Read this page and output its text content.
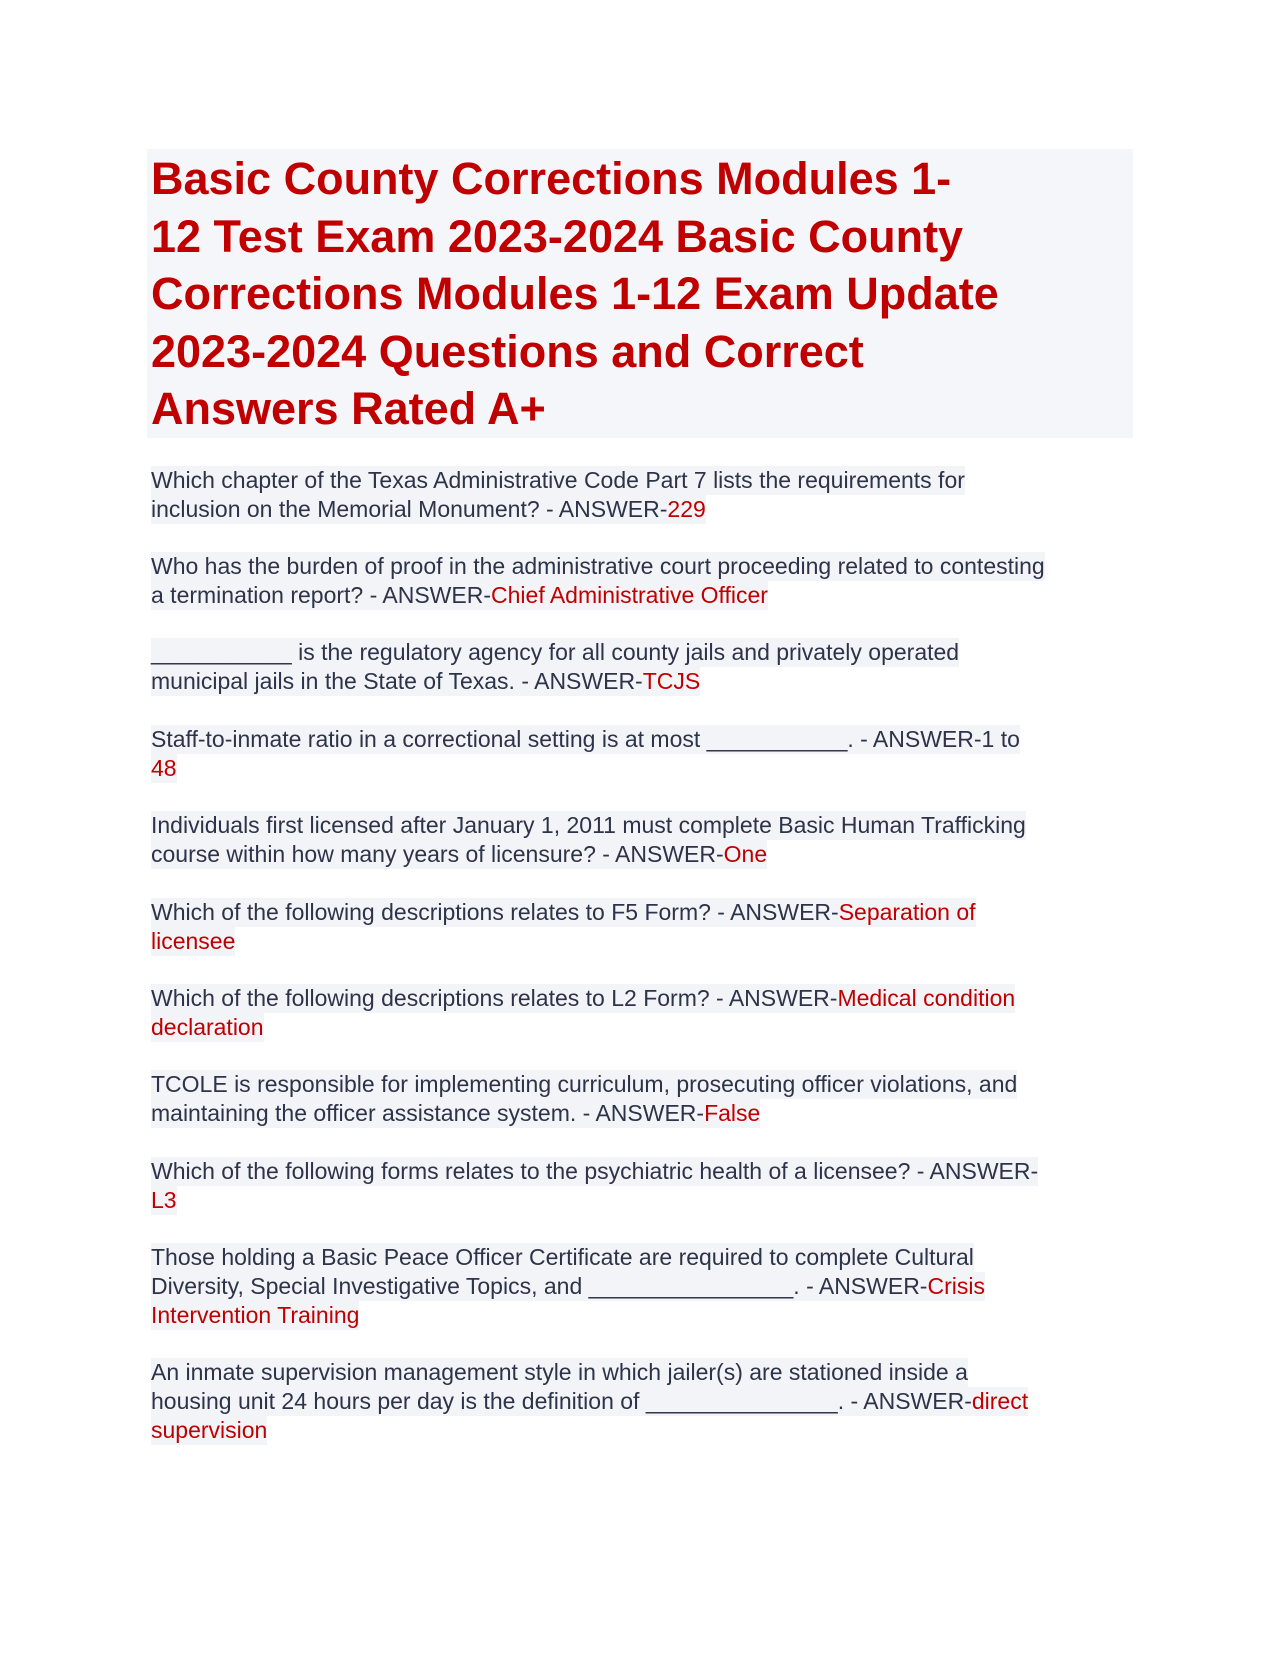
Basic County Corrections Modules 1-
12 Test Exam 2023-2024 Basic County
Corrections Modules 1-12 Exam Update
2023-2024 Questions and Correct
Answers Rated A+
Which chapter of the Texas Administrative Code Part 7 lists the requirements for
inclusion on the Memorial Monument? - ANSWER-229
Who has the burden of proof in the administrative court proceeding related to contesting
a termination report? - ANSWER-Chief Administrative Officer
___________ is the regulatory agency for all county jails and privately operated
municipal jails in the State of Texas. - ANSWER-TCJS
Staff-to-inmate ratio in a correctional setting is at most ___________. - ANSWER-1 to
48
Individuals first licensed after January 1, 2011 must complete Basic Human Trafficking
course within how many years of licensure? - ANSWER-One
Which of the following descriptions relates to F5 Form? - ANSWER-Separation of
licensee
Which of the following descriptions relates to L2 Form? - ANSWER-Medical condition
declaration
TCOLE is responsible for implementing curriculum, prosecuting officer violations, and
maintaining the officer assistance system. - ANSWER-False
Which of the following forms relates to the psychiatric health of a licensee? - ANSWER-
L3
Those holding a Basic Peace Officer Certificate are required to complete Cultural
Diversity, Special Investigative Topics, and ________________. - ANSWER-Crisis
Intervention Training
An inmate supervision management style in which jailer(s) are stationed inside a
housing unit 24 hours per day is the definition of _______________. - ANSWER-direct
supervision
